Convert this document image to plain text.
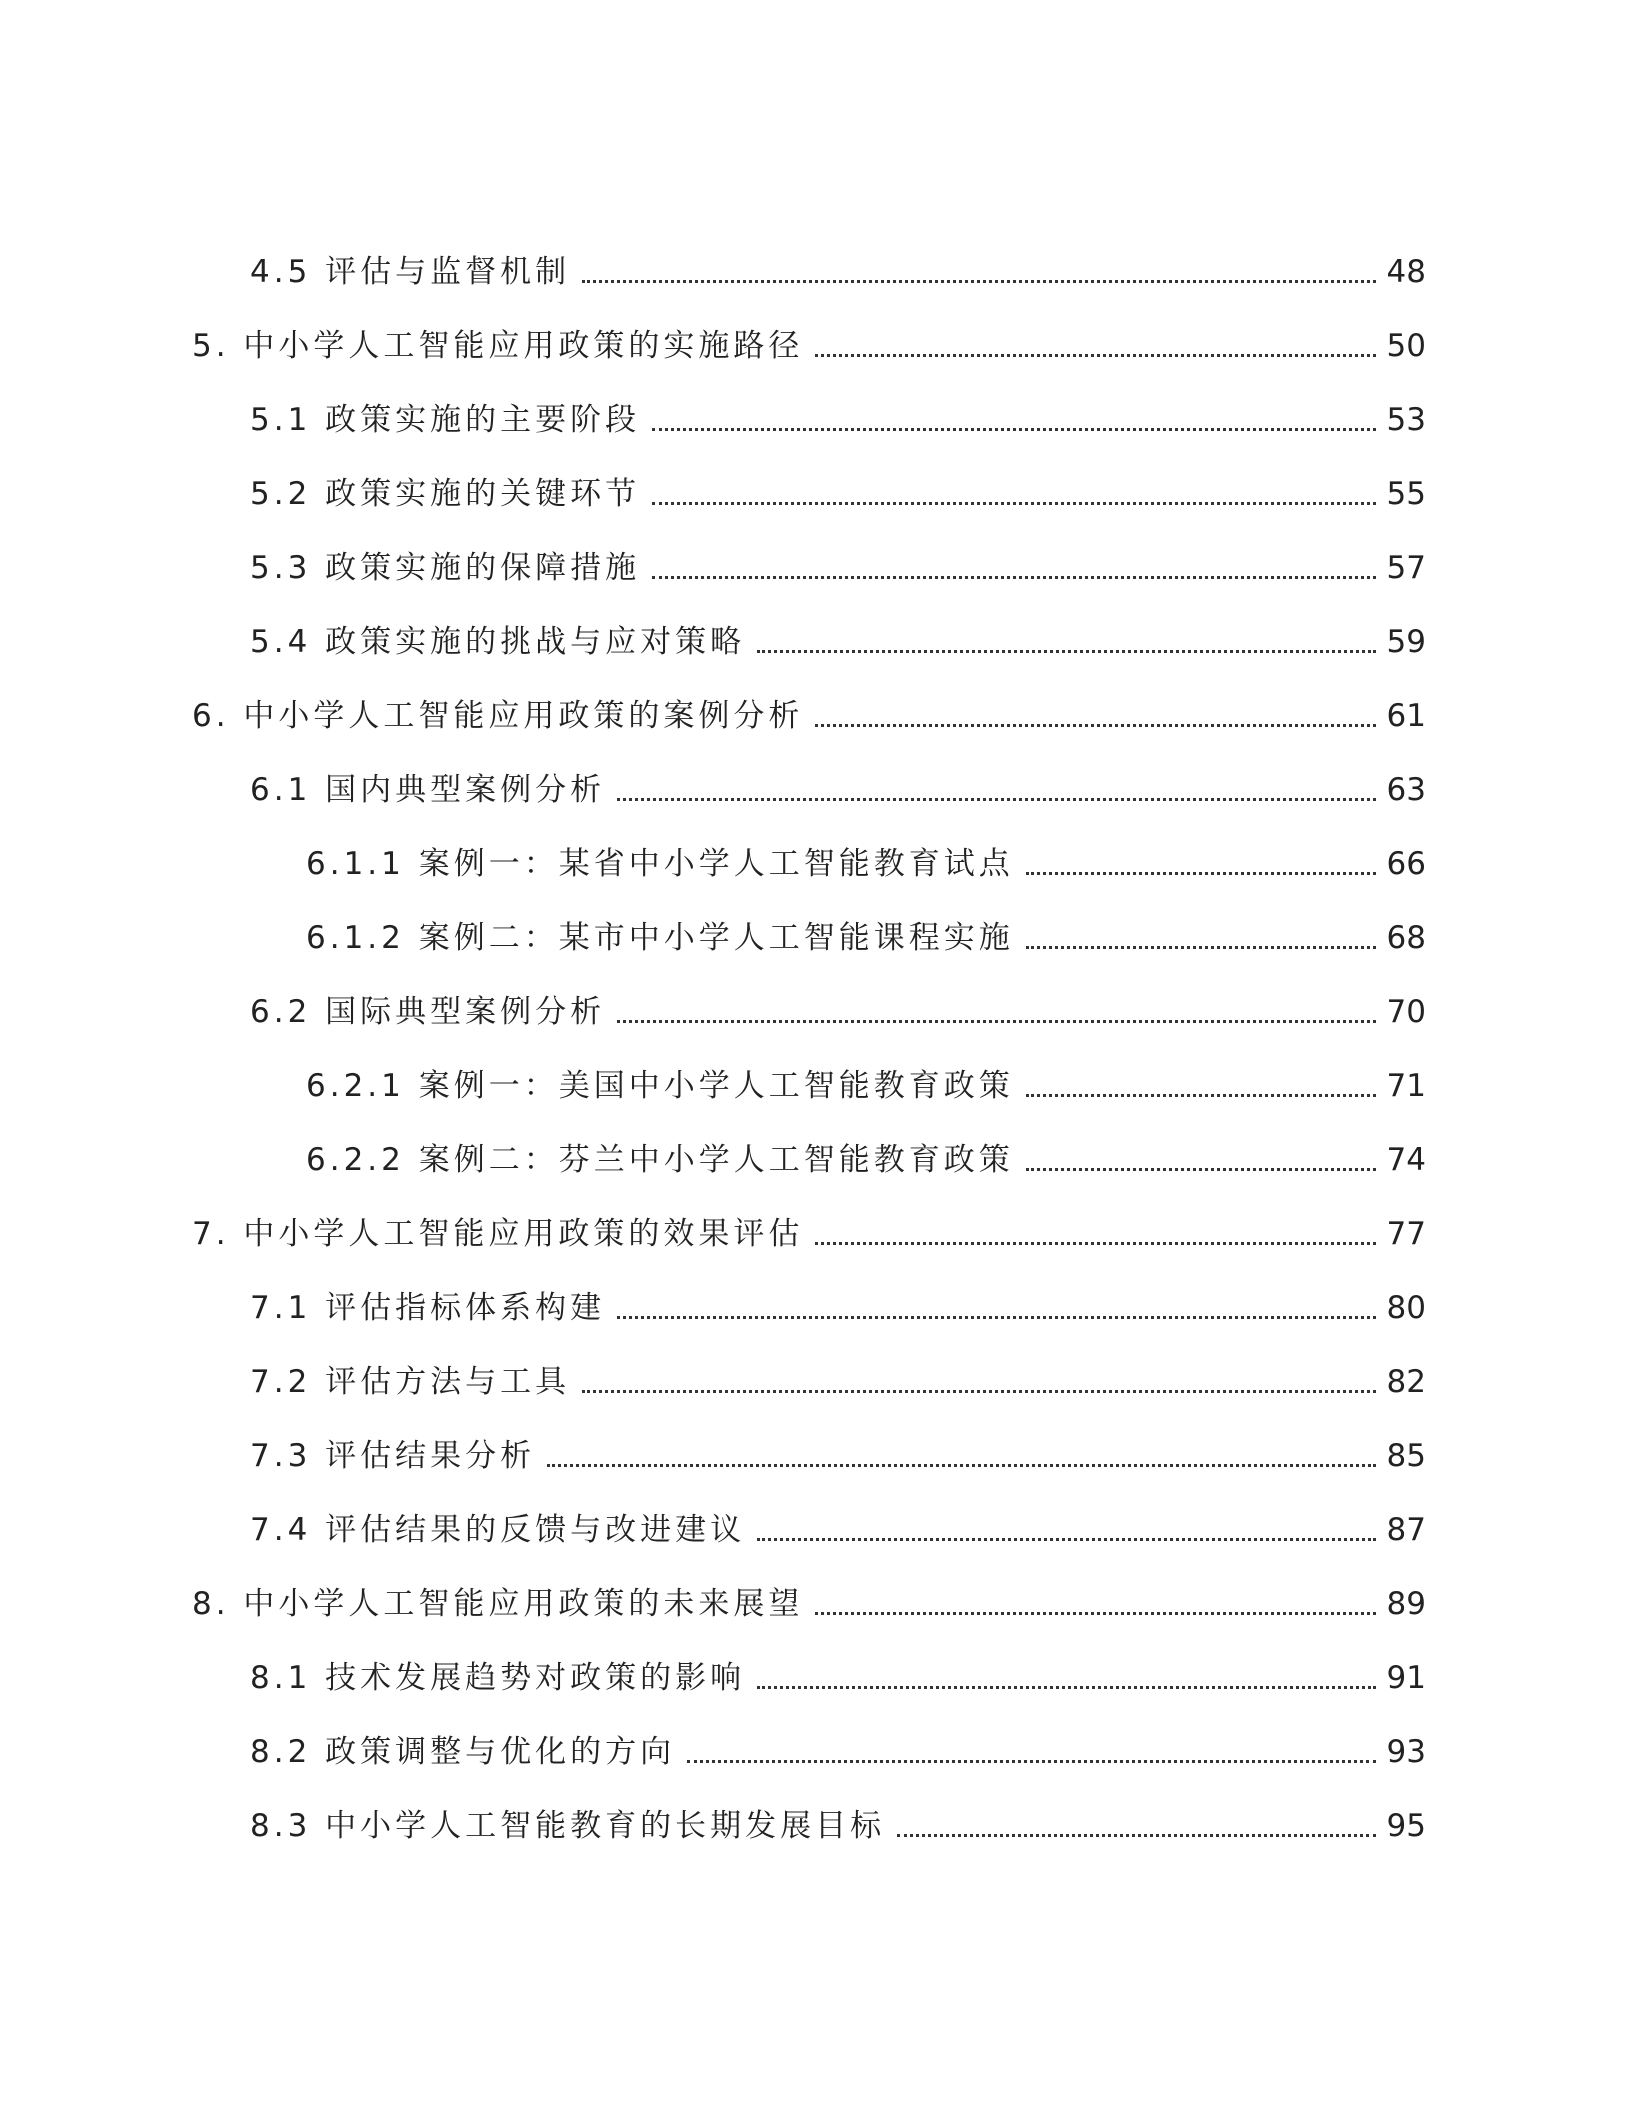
4.5 评估与监督机制	48
5. 中小学人工智能应用政策的实施路径	50
5.1 政策实施的主要阶段	53
5.2 政策实施的关键环节	55
5.3 政策实施的保障措施	57
5.4 政策实施的挑战与应对策略	59
6. 中小学人工智能应用政策的案例分析	61
6.1 国内典型案例分析	63
6.1.1 案例一：某省中小学人工智能教育试点	66
6.1.2 案例二：某市中小学人工智能课程实施	68
6.2 国际典型案例分析	70
6.2.1 案例一：美国中小学人工智能教育政策	71
6.2.2 案例二：芬兰中小学人工智能教育政策	74
7. 中小学人工智能应用政策的效果评估	77
7.1 评估指标体系构建	80
7.2 评估方法与工具	82
7.3 评估结果分析	85
7.4 评估结果的反馈与改进建议	87
8. 中小学人工智能应用政策的未来展望	89
8.1 技术发展趋势对政策的影响	91
8.2 政策调整与优化的方向	93
8.3 中小学人工智能教育的长期发展目标	95
